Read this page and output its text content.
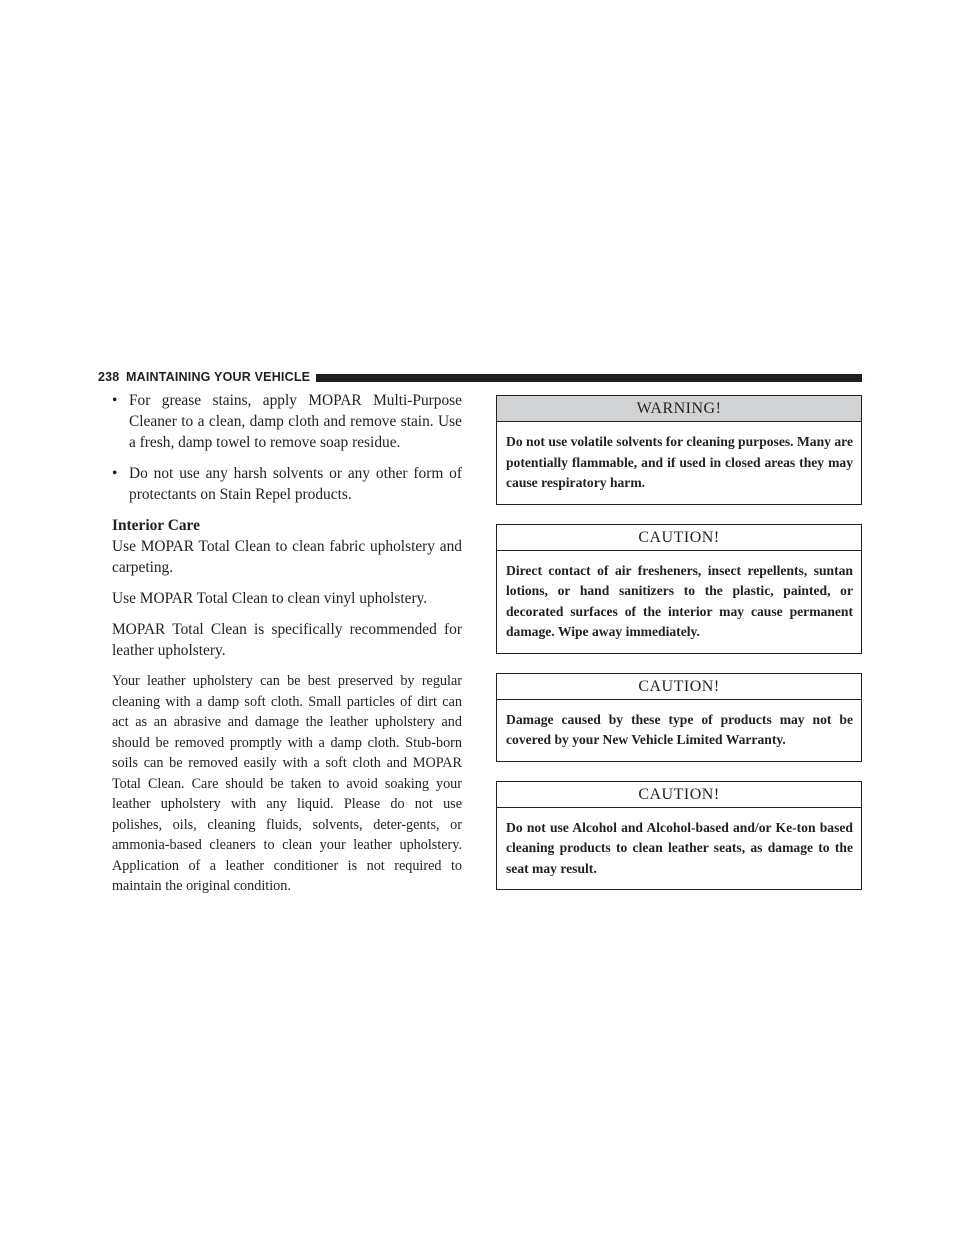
238 MAINTAINING YOUR VEHICLE
• For grease stains, apply MOPAR Multi-Purpose Cleaner to a clean, damp cloth and remove stain. Use a fresh, damp towel to remove soap residue.

• Do not use any harsh solvents or any other form of protectants on Stain Repel products.

Interior Care

Use MOPAR Total Clean to clean fabric upholstery and carpeting.

Use MOPAR Total Clean to clean vinyl upholstery.

MOPAR Total Clean is specifically recommended for leather upholstery.

Your leather upholstery can be best preserved by regular cleaning with a damp soft cloth. Small particles of dirt can act as an abrasive and damage the leather upholstery and should be removed promptly with a damp cloth. Stub-born soils can be removed easily with a soft cloth and MOPAR Total Clean. Care should be taken to avoid soaking your leather upholstery with any liquid. Please do not use polishes, oils, cleaning fluids, solvents, deter-gents, or ammonia-based cleaners to clean your leather upholstery. Application of a leather conditioner is not required to maintain the original condition.

WARNING!
Do not use volatile solvents for cleaning purposes. Many are potentially flammable, and if used in closed areas they may cause respiratory harm.
CAUTION!
Direct contact of air fresheners, insect repellents, suntan lotions, or hand sanitizers to the plastic, painted, or decorated surfaces of the interior may cause permanent damage. Wipe away immediately.
CAUTION!
Damage caused by these type of products may not be covered by your New Vehicle Limited Warranty.
CAUTION!
Do not use Alcohol and Alcohol-based and/or Ke-ton based cleaning products to clean leather seats, as damage to the seat may result.
